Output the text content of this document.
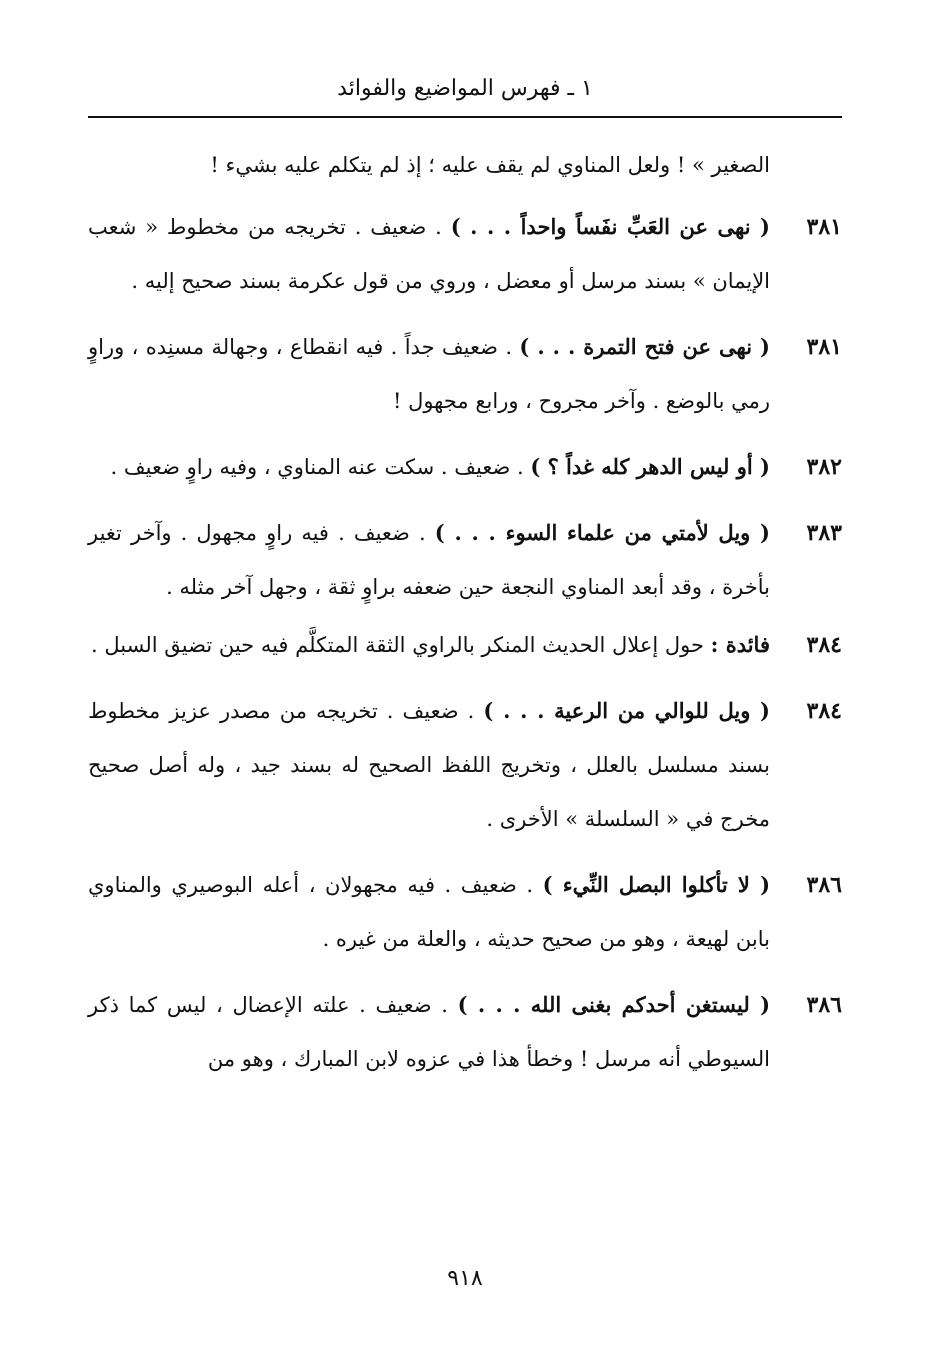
١ ـ فهرس المواضيع والفوائد
الصغير » ! ولعل المناوي لم يقف عليه ؛ إذ لم يتكلم عليه بشيء !
٣٨١
( نهى عن العَبِّ نفَساً واحداً . . . ) . ضعيف . تخريجه من مخطوط « شعب الإيمان » بسند مرسل أو معضل ، وروي من قول عكرمة بسند صحيح إليه .
٣٨١
( نهى عن فتح التمرة . . . ) . ضعيف جداً . فيه انقطاع ، وجهالة مسنِده ، وراوٍ رمي بالوضع . وآخر مجروح ، ورابع مجهول !
٣٨٢
( أو ليس الدهر كله غداً ؟ ) . ضعيف . سكت عنه المناوي ، وفيه راوٍ ضعيف .
٣٨٣
( ويل لأمتي من علماء السوء . . . ) . ضعيف . فيه راوٍ مجهول . وآخر تغير بأخرة ، وقد أبعد المناوي النجعة حين ضعفه براوٍ ثقة ، وجهل آخر مثله .
٣٨٤
فائدة : حول إعلال الحديث المنكر بالراوي الثقة المتكلَّم فيه حين تضيق السبل .
٣٨٤
( ويل للوالي من الرعية . . . ) . ضعيف . تخريجه من مصدر عزيز مخطوط بسند مسلسل بالعلل ، وتخريج اللفظ الصحيح له بسند جيد ، وله أصل صحيح مخرج في « السلسلة » الأخرى .
٣٨٦
( لا تأكلوا البصل النِّيء ) . ضعيف . فيه مجهولان ، أعله البوصيري والمناوي بابن لهيعة ، وهو من صحيح حديثه ، والعلة من غيره .
٣٨٦
( ليستغن أحدكم بغنى الله . . . ) . ضعيف . علته الإعضال ، ليس كما ذكر السيوطي أنه مرسل ! وخطأ هذا في عزوه لابن المبارك ، وهو من
٩١٨
